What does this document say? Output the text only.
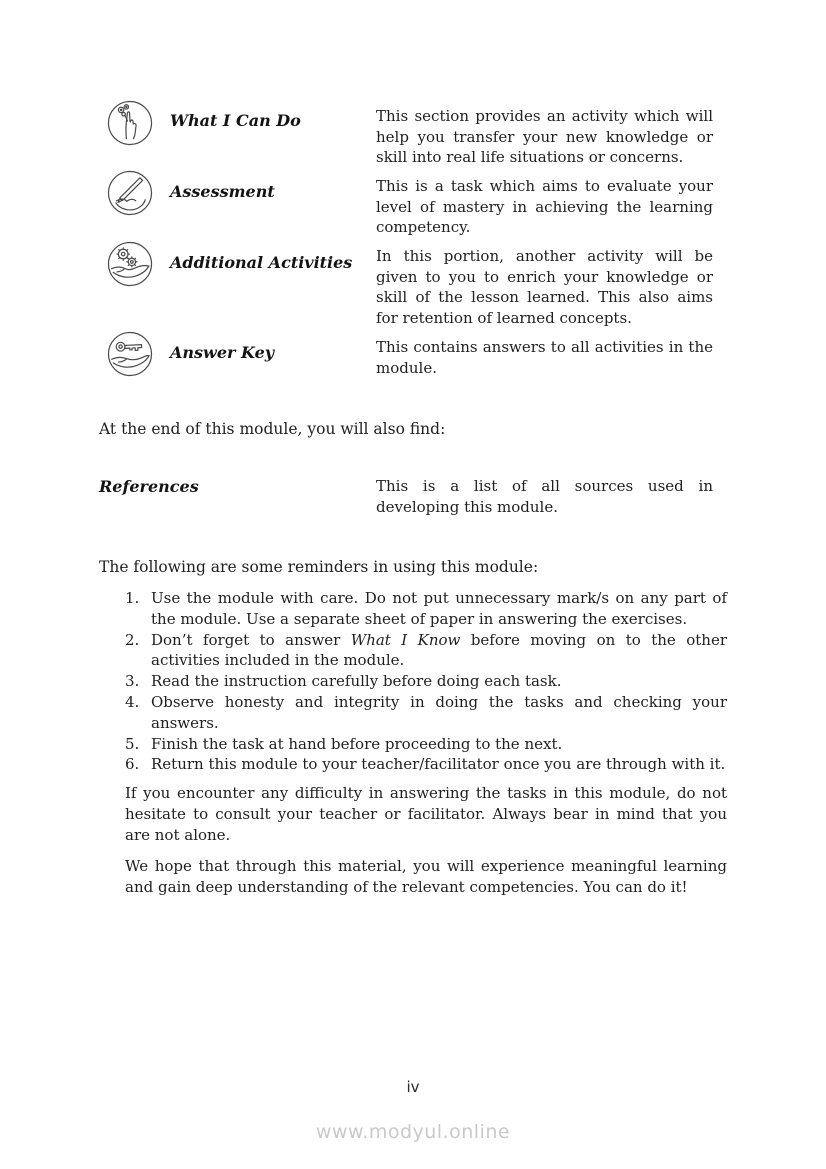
What I Can Do	This section provides an activity which will help you transfer your new knowledge or skill into real life situations or concerns.
Assessment	This is a task which aims to evaluate your level of mastery in achieving the learning competency.
Additional Activities	In this portion, another activity will be given to you to enrich your knowledge or skill of the lesson learned. This also aims for retention of learned concepts.
Answer Key	This contains answers to all activities in the module.
At the end of this module, you will also find:
References	This is a list of all sources used in developing this module.
The following are some reminders in using this module:
1. Use the module with care. Do not put unnecessary mark/s on any part of the module. Use a separate sheet of paper in answering the exercises.
2. Don’t forget to answer What I Know before moving on to the other activities included in the module.
3. Read the instruction carefully before doing each task.
4. Observe honesty and integrity in doing the tasks and checking your answers.
5. Finish the task at hand before proceeding to the next.
6. Return this module to your teacher/facilitator once you are through with it.
If you encounter any difficulty in answering the tasks in this module, do not hesitate to consult your teacher or facilitator. Always bear in mind that you are not alone.
We hope that through this material, you will experience meaningful learning and gain deep understanding of the relevant competencies. You can do it!
iv
www.modyul.online
